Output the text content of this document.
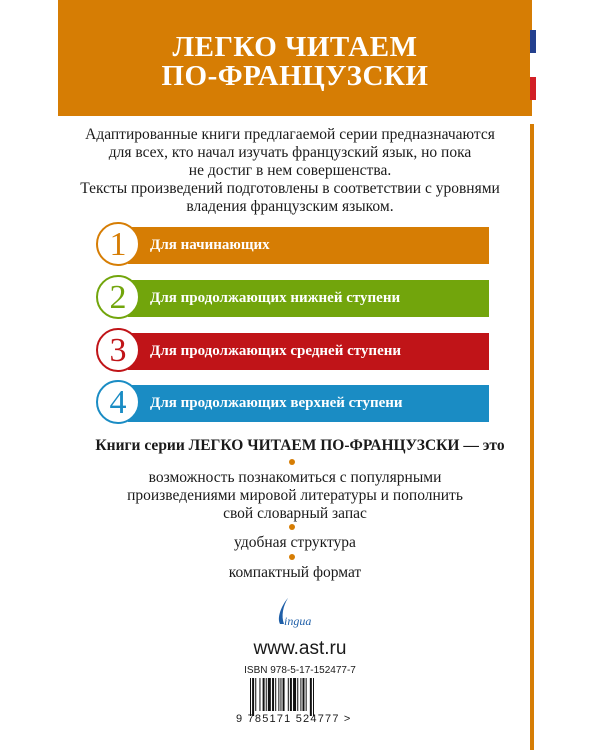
ЛЕГКО ЧИТАЕМ
ПО-ФРАНЦУЗСКИ
Адаптированные книги предлагаемой серии предназначаются
для всех, кто начал изучать французский язык, но пока
не достиг в нем совершенства.
Тексты произведений подготовлены в соответствии с уровнями
владения французским языком.
Для начинающих
1
Для продолжающих нижней ступени
2
Для продолжающих средней ступени
3
Для продолжающих верхней ступени
4
Книги серии ЛЕГКО ЧИТАЕМ ПО-ФРАНЦУЗСКИ — это
возможность познакомиться с популярными
произведениями мировой литературы и пополнить
свой словарный запас
удобная структура
компактный формат
ingua
www.ast.ru
ISBN 978-5-17-152477-7
9 785171 524777 >
